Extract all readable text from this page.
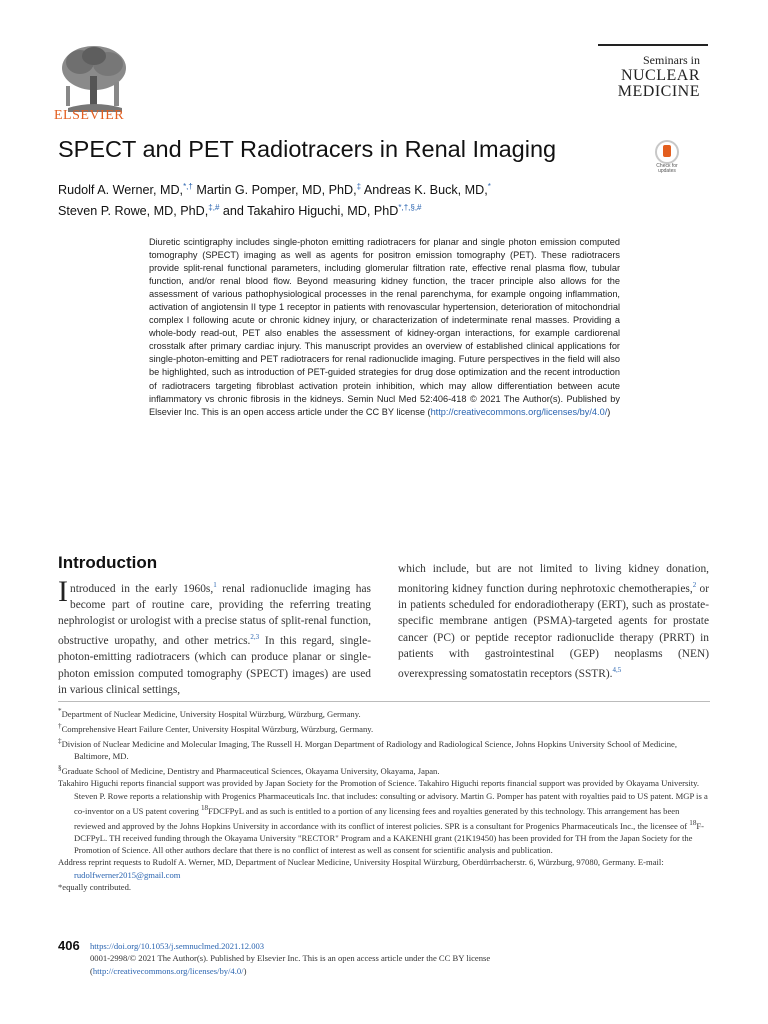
ELSEVIER
Seminars in
NUCLEAR
MEDICINE
SPECT and PET Radiotracers in Renal Imaging
Check for
updates
Rudolf A. Werner, MD,*,† Martin G. Pomper, MD, PhD,‡ Andreas K. Buck, MD,*
Steven P. Rowe, MD, PhD,‡,# and Takahiro Higuchi, MD, PhD*,†,§,#
Diuretic scintigraphy includes single-photon emitting radiotracers for planar and single photon emission computed tomography (SPECT) imaging as well as agents for positron emission tomography (PET). These radiotracers provide split-renal functional parameters, including glomerular filtration rate, effective renal plasma flow, tubular function, and/or renal blood flow. Beyond measuring kidney function, the tracer principle also allows for the assessment of various pathophysiological processes in the renal parenchyma, for example ongoing inflammation, activation of angiotensin II type 1 receptor in patients with renovascular hypertension, deterioration of mitochondrial complex I following acute or chronic kidney injury, or characterization of indeterminate renal masses. Providing a whole-body read-out, PET also enables the assessment of kidney-organ interactions, for example cardiorenal crosstalk after primary cardiac injury. This manuscript provides an overview of established clinical applications for single-photon-emitting and PET radiotracers for renal radionuclide imaging. Future perspectives in the field will also be highlighted, such as introduction of PET-guided strategies for drug dose optimization and the recent introduction of radiotracers targeting fibroblast activation protein inhibition, which may allow differentiation between acute inflammatory vs chronic fibrosis in the kidneys. Semin Nucl Med 52:406-418 © 2021 The Author(s). Published by Elsevier Inc. This is an open access article under the CC BY license (http://creativecommons.org/licenses/by/4.0/)
Introduction
Introduced in the early 1960s,$^1$ renal radionuclide imaging has become part of routine care, providing the referring treating nephrologist or urologist with a precise status of split-renal function, obstructive uropathy, and other metrics.$^{2,3}$ In this regard, single-photon-emitting radiotracers (which can produce planar or single-photon emission computed tomography (SPECT) images) are used in various clinical settings,
which include, but are not limited to living kidney donation, monitoring kidney function during nephrotoxic chemotherapies,$^2$ or in patients scheduled for endoradiotherapy (ERT), such as prostate-specific membrane antigen (PSMA)-targeted agents for prostate cancer (PC) or peptide receptor radionuclide therapy (PRRT) in patients with gastrointestinal (GEP) neoplasms (NEN) overexpressing somatostatin receptors (SSTR).$^{4,5}$

*Department of Nuclear Medicine, University Hospital Würzburg, Würzburg, Germany.

†Comprehensive Heart Failure Center, University Hospital Würzburg, Würzburg, Germany.

‡Division of Nuclear Medicine and Molecular Imaging, The Russell H. Morgan Department of Radiology and Radiological Science, Johns Hopkins University School of Medicine, Baltimore, MD.

§Graduate School of Medicine, Dentistry and Pharmaceutical Sciences, Okayama University, Okayama, Japan.

Takahiro Higuchi reports financial support was provided by Japan Society for the Promotion of Science. Takahiro Higuchi reports financial support was provided by Okayama University. Steven P. Rowe reports a relationship with Progenics Pharmaceuticals Inc. that includes: consulting or advisory. Martin G. Pomper has patent with royalties paid to US patent. MGP is a co-inventor on a US patent covering $^{18}$FDCFPyL and as such is entitled to a portion of any licensing fees and royalties generated by this technology. This arrangement has been reviewed and approved by the Johns Hopkins University in accordance with its conflict of interest policies. SPR is a consultant for Progenics Pharmaceuticals Inc., the licensee of $^{18}$F-DCFPyL. TH received funding through the Okayama University "RECTOR" Program and a KAKENHI grant (21K19450) has been provided for TH from the Japan Society for the Promotion of Science. All other authors declare that there is no conflict of interest as well as consent for scientific analysis and publication.

Address reprint requests to Rudolf A. Werner, MD, Department of Nuclear Medicine, University Hospital Würzburg, Oberdürrbacherstr. 6, Würzburg, 97080, Germany. E-mail: rudolfwerner2015@gmail.com

*equally contributed.

406 https://doi.org/10.1053/j.semnuclmed.2021.12.003
0001-2998/© 2021 The Author(s). Published by Elsevier Inc. This is an open access article under the CC BY license
(http://creativecommons.org/licenses/by/4.0/)
